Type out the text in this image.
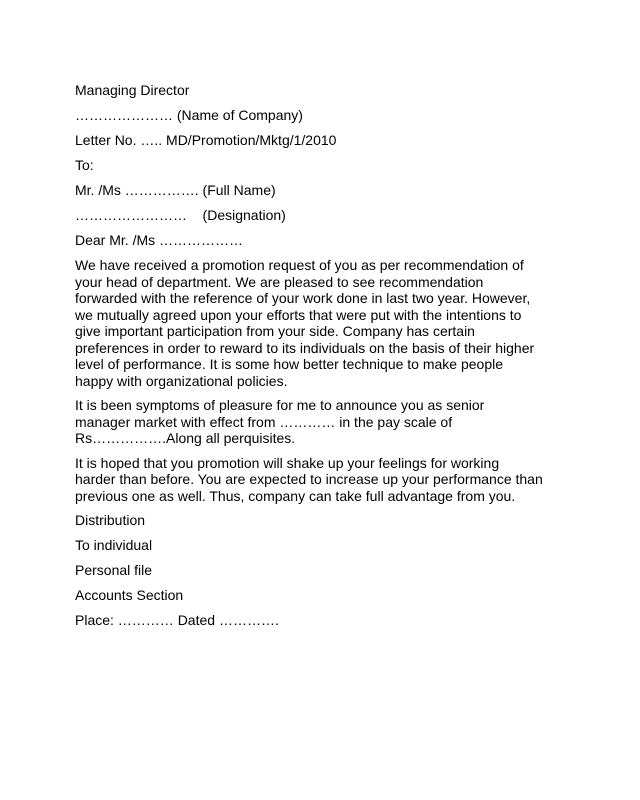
Managing Director

………………… (Name of Company)

Letter No. ….. MD/Promotion/Mktg/1/2010

To:

Mr. /Ms ……………. (Full Name)

……………………    (Designation)

Dear Mr. /Ms ………………

We have received a promotion request of you as per recommendation of
your head of department. We are pleased to see recommendation
forwarded with the reference of your work done in last two year. However,
we mutually agreed upon your efforts that were put with the intentions to
give important participation from your side. Company has certain
preferences in order to reward to its individuals on the basis of their higher
level of performance. It is some how better technique to make people
happy with organizational policies.
It is been symptoms of pleasure for me to announce you as senior
manager market with effect from ………… in the pay scale of
Rs…………….Along all perquisites.
It is hoped that you promotion will shake up your feelings for working
harder than before. You are expected to increase up your performance than
previous one as well. Thus, company can take full advantage from you.

Distribution

To individual

Personal file

Accounts Section

Place: ………… Dated ………….
